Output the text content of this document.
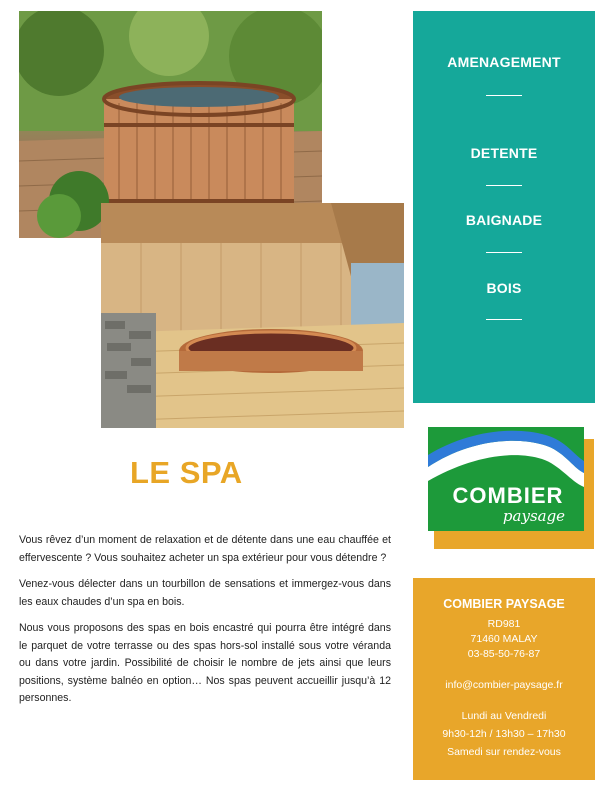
AMENAGEMENT
DETENTE
BAIGNADE
BOIS
COMBIER
paysage
LE SPA

Vous rêvez d’un moment de relaxation et de détente dans une eau chauffée et effervescente ? Vous souhaitez acheter un spa extérieur pour vous détendre ?

Venez-vous délecter dans un tourbillon de sensations et immergez-vous dans les eaux chaudes d’un spa en bois.

Nous vous proposons des spas en bois encastré qui pourra être intégré dans le parquet de votre terrasse ou des spas hors-sol installé sous votre véranda ou dans votre jardin. Possibilité de choisir le nombre de jets ainsi que leurs positions, système balnéo en option… Nos spas peuvent accueillir jusqu’à 12 personnes.

COMBIER PAYSAGE
RD981
71460 MALAY
03-85-50-76-87
info@combier-paysage.fr
Lundi au Vendredi
9h30-12h / 13h30 – 17h30
Samedi sur rendez-vous
